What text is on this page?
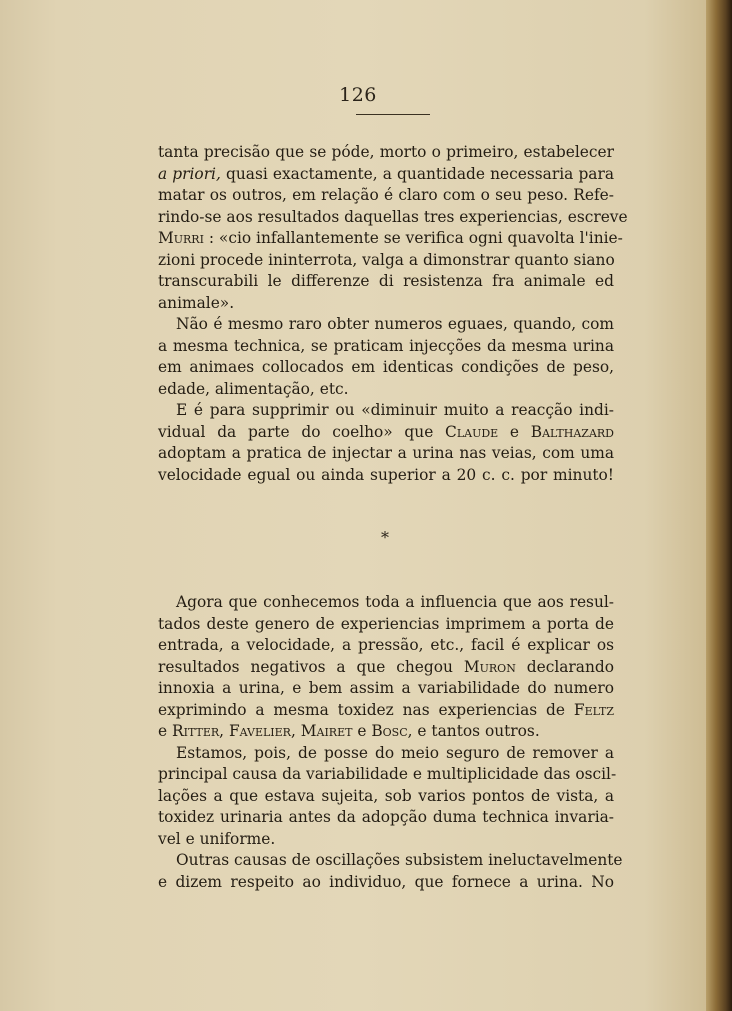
126
tanta precisão que se póde, morto o primeiro, estabelecer
a priori, quasi exactamente, a quantidade necessaria para
matar os outros, em relação é claro com o seu peso. Refe-
rindo-se aos resultados daquellas tres experiencias, escreve
Murri : «cio infallantemente se verifica ogni quavolta l'inie-
zioni procede ininterrota, valga a dimonstrar quanto siano
transcurabili le differenze di resistenza fra animale ed
animale».
Não é mesmo raro obter numeros eguaes, quando, com
a mesma technica, se praticam injecções da mesma urina
em animaes collocados em identicas condições de peso,
edade, alimentação, etc.
E é para supprimir ou «diminuir muito a reacção indi-
vidual da parte do coelho» que Claude e Balthazard
adoptam a pratica de injectar a urina nas veias, com uma
velocidade egual ou ainda superior a 20 c. c. por minuto!
*
Agora que conhecemos toda a influencia que aos resul-
tados deste genero de experiencias imprimem a porta de
entrada, a velocidade, a pressão, etc., facil é explicar os
resultados negativos a que chegou Muron declarando
innoxia a urina, e bem assim a variabilidade do numero
exprimindo a mesma toxidez nas experiencias de Feltz
e Ritter, Favelier, Mairet e Bosc, e tantos outros.
Estamos, pois, de posse do meio seguro de remover a
principal causa da variabilidade e multiplicidade das oscil-
lações a que estava sujeita, sob varios pontos de vista, a
toxidez urinaria antes da adopção duma technica invaria-
vel e uniforme.
Outras causas de oscillações subsistem ineluctavelmente
e dizem respeito ao individuo, que fornece a urina. No
